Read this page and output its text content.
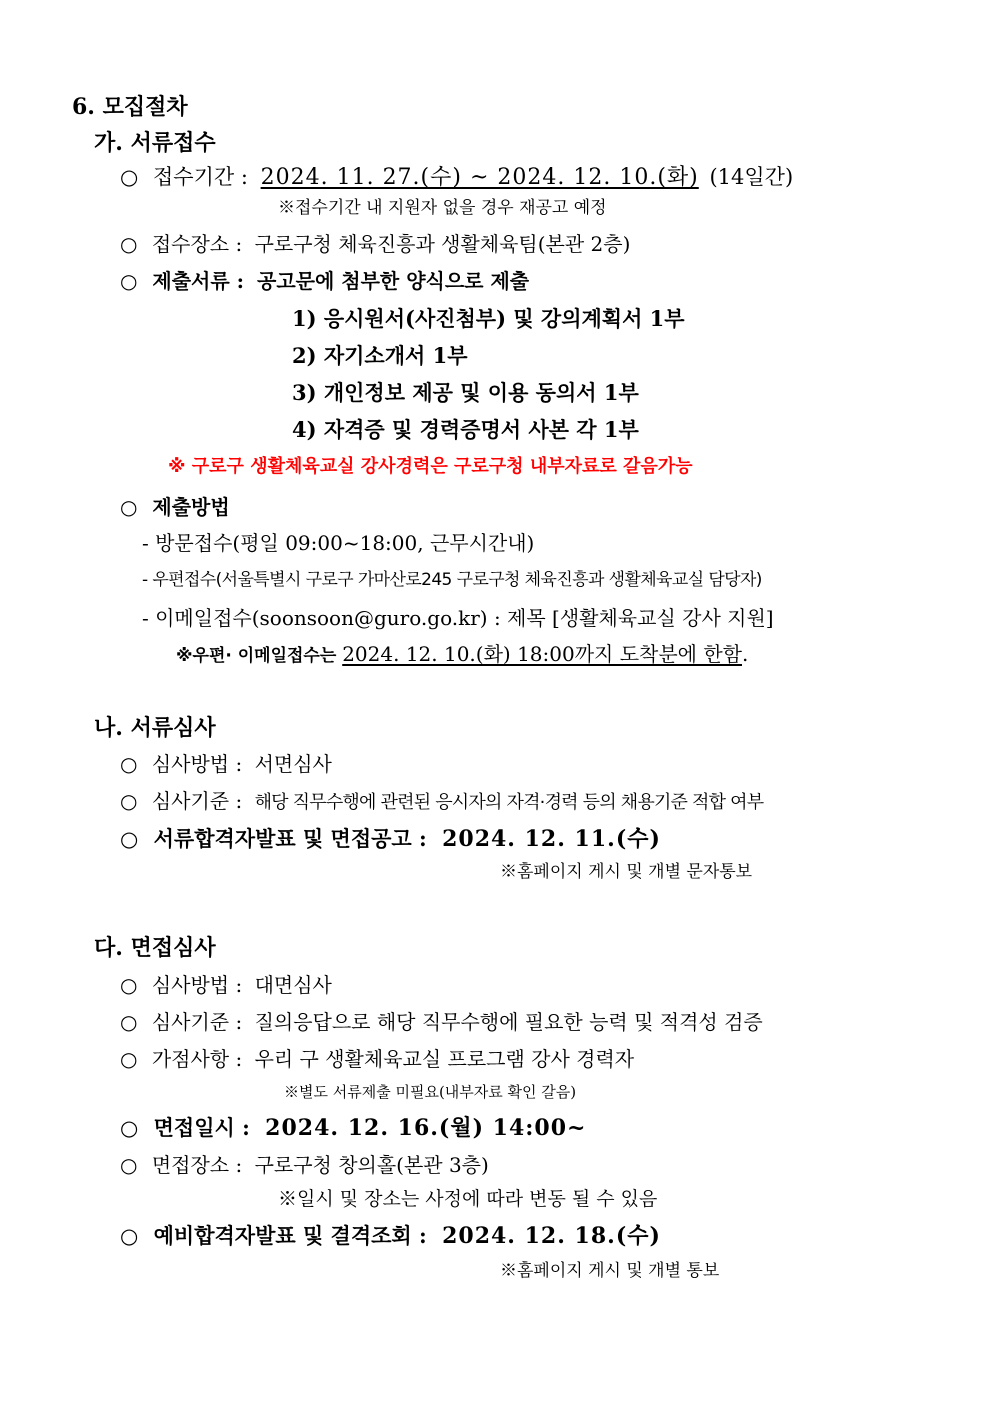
6. 모집절차
가. 서류접수
○ 접수기간 : 2024. 11. 27.(수) ~ 2024. 12. 10.(화) (14일간)
※접수기간 내 지원자 없을 경우 재공고 예정
○ 접수장소 : 구로구청 체육진흥과 생활체육팀(본관 2층)
○ 제출서류 : 공고문에 첨부한 양식으로 제출
1) 응시원서(사진첨부) 및 강의계획서 1부
2) 자기소개서 1부
3) 개인정보 제공 및 이용 동의서 1부
4) 자격증 및 경력증명서 사본 각 1부
※ 구로구 생활체육교실 강사경력은 구로구청 내부자료로 갈음가능
○ 제출방법
- 방문접수(평일 09:00~18:00, 근무시간내)
- 우편접수(서울특별시 구로구 가마산로245 구로구청 체육진흥과 생활체육교실 담당자)
- 이메일접수(soonsoon@guro.go.kr) : 제목 [생활체육교실 강사 지원]
※우편· 이메일접수는 2024. 12. 10.(화) 18:00까지 도착분에 한함.
나. 서류심사
○ 심사방법 : 서면심사
○ 심사기준 : 해당 직무수행에 관련된 응시자의 자격·경력 등의 채용기준 적합 여부
○ 서류합격자발표 및 면접공고 : 2024. 12. 11.(수)
※홈페이지 게시 및 개별 문자통보
다. 면접심사
○ 심사방법 : 대면심사
○ 심사기준 : 질의응답으로 해당 직무수행에 필요한 능력 및 적격성 검증
○ 가점사항 : 우리 구 생활체육교실 프로그램 강사 경력자
※별도 서류제출 미필요(내부자료 확인 갈음)
○ 면접일시 : 2024. 12. 16.(월) 14:00~
○ 면접장소 : 구로구청 창의홀(본관 3층)
※일시 및 장소는 사정에 따라 변동 될 수 있음
○ 예비합격자발표 및 결격조회 : 2024. 12. 18.(수)
※홈페이지 게시 및 개별 통보
